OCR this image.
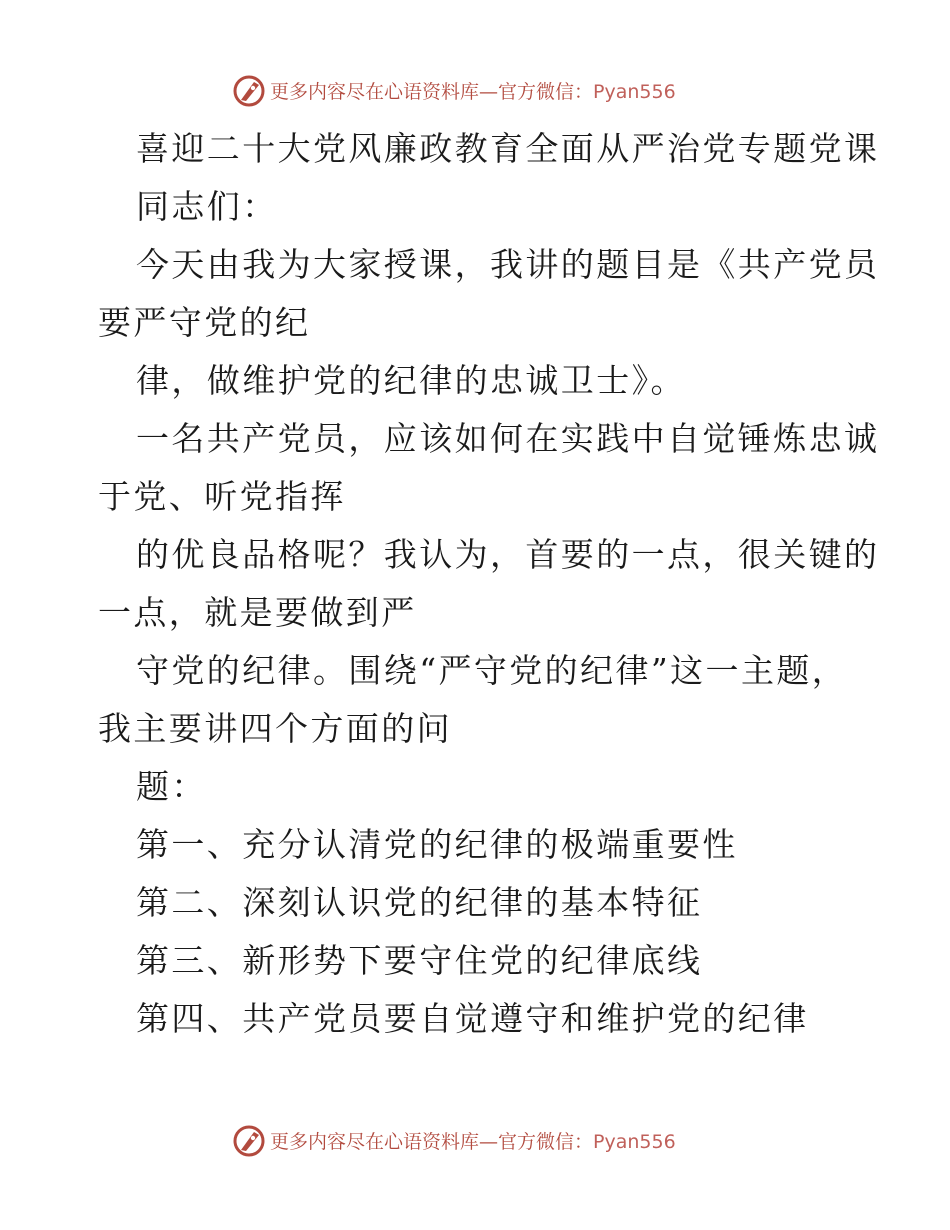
更多内容尽在心语资料库—官方微信：Pyan556
喜迎二十大党风廉政教育全面从严治党专题党课
同志们：
今天由我为大家授课，我讲的题目是《共产党员
要严守党的纪
律，做维护党的纪律的忠诚卫士》。
一名共产党员，应该如何在实践中自觉锤炼忠诚
于党、听党指挥
的优良品格呢？我认为，首要的一点，很关键的
一点，就是要做到严
守党的纪律。围绕“严守党的纪律”这一主题，
我主要讲四个方面的问
题：
第一、充分认清党的纪律的极端重要性
第二、深刻认识党的纪律的基本特征
第三、新形势下要守住党的纪律底线
第四、共产党员要自觉遵守和维护党的纪律
更多内容尽在心语资料库—官方微信：Pyan556
